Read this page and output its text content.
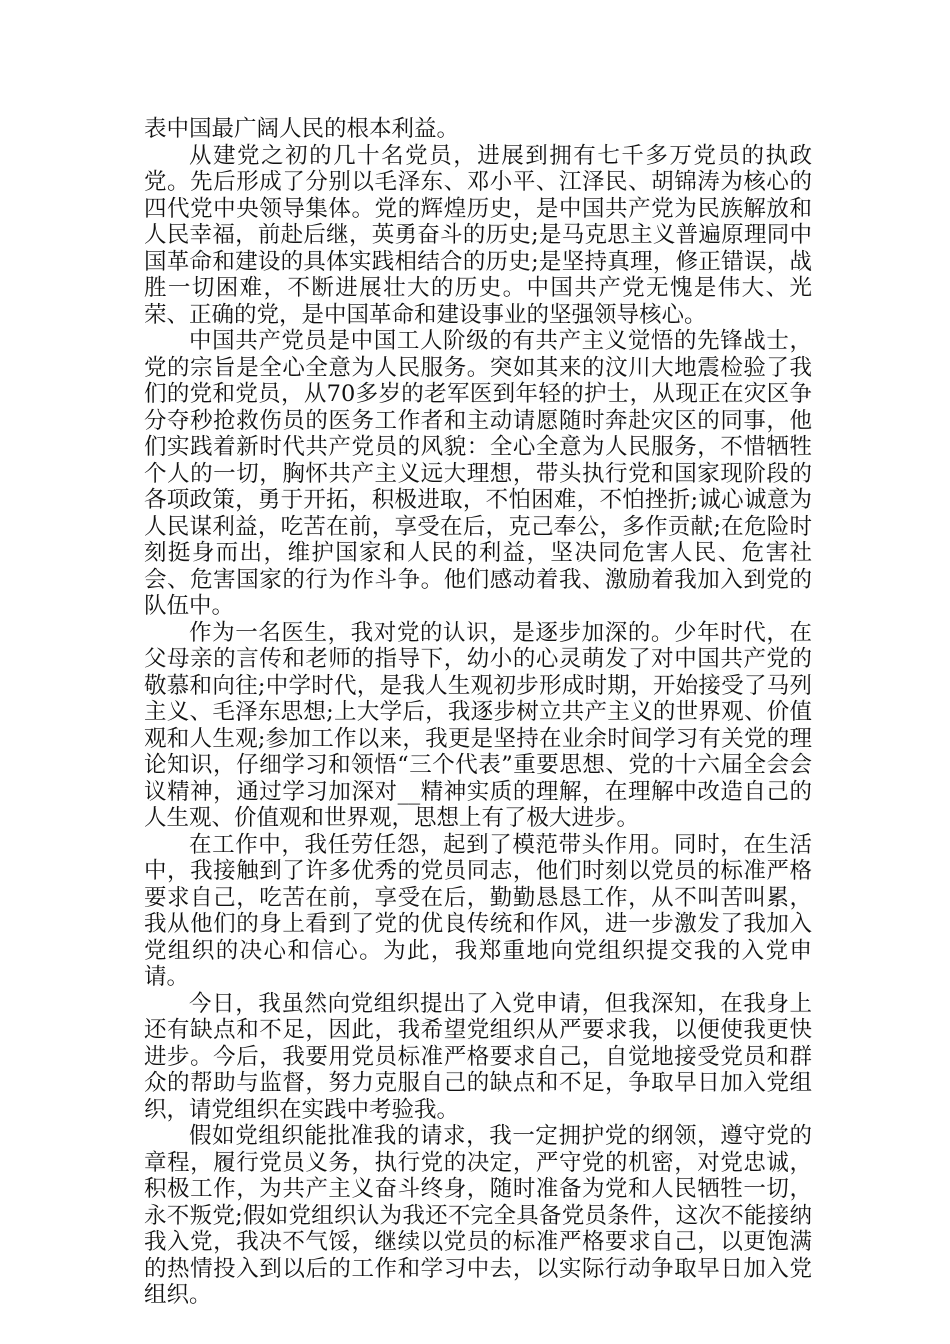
表中国最广阔人民的根本利益。

从建党之初的几十名党员，进展到拥有七千多万党员的执政党。先后形成了分别以毛泽东、邓小平、江泽民、胡锦涛为核心的四代党中央领导集体。党的辉煌历史，是中国共产党为民族解放和人民幸福，前赴后继，英勇奋斗的历史;是马克思主义普遍原理同中国革命和建设的具体实践相结合的历史;是坚持真理，修正错误，战胜一切困难，不断进展壮大的历史。中国共产党无愧是伟大、光荣、正确的党，是中国革命和建设事业的坚强领导核心。

中国共产党员是中国工人阶级的有共产主义觉悟的先锋战士，党的宗旨是全心全意为人民服务。突如其来的汶川大地震检验了我们的党和党员，从70多岁的老军医到年轻的护士，从现正在灾区争分夺秒抢救伤员的医务工作者和主动请愿随时奔赴灾区的同事，他们实践着新时代共产党员的风貌：全心全意为人民服务，不惜牺牲个人的一切，胸怀共产主义远大理想，带头执行党和国家现阶段的各项政策，勇于开拓，积极进取，不怕困难，不怕挫折;诚心诚意为人民谋利益，吃苦在前，享受在后，克己奉公，多作贡献;在危险时刻挺身而出，维护国家和人民的利益，坚决同危害人民、危害社会、危害国家的行为作斗争。他们感动着我、激励着我加入到党的队伍中。

作为一名医生，我对党的认识，是逐步加深的。少年时代，在父母亲的言传和老师的指导下，幼小的心灵萌发了对中国共产党的敬慕和向往;中学时代，是我人生观初步形成时期，开始接受了马列主义、毛泽东思想;上大学后，我逐步树立共产主义的世界观、价值观和人生观;参加工作以来，我更是坚持在业余时间学习有关党的理论知识，仔细学习和领悟“三个代表”重要思想、党的十六届全会会议精神，通过学习加深对__精神实质的理解，在理解中改造自己的人生观、价值观和世界观，思想上有了极大进步。

在工作中，我任劳任怨，起到了模范带头作用。同时，在生活中，我接触到了许多优秀的党员同志，他们时刻以党员的标准严格要求自己，吃苦在前，享受在后，勤勤恳恳工作，从不叫苦叫累，我从他们的身上看到了党的优良传统和作风，进一步激发了我加入党组织的决心和信心。为此，我郑重地向党组织提交我的入党申请。

今日，我虽然向党组织提出了入党申请，但我深知，在我身上还有缺点和不足，因此，我希望党组织从严要求我，以便使我更快进步。今后，我要用党员标准严格要求自己，自觉地接受党员和群众的帮助与监督，努力克服自己的缺点和不足，争取早日加入党组织，请党组织在实践中考验我。

假如党组织能批准我的请求，我一定拥护党的纲领，遵守党的章程，履行党员义务，执行党的决定，严守党的机密，对党忠诚，积极工作，为共产主义奋斗终身，随时准备为党和人民牺牲一切，永不叛党;假如党组织认为我还不完全具备党员条件，这次不能接纳我入党，我决不气馁，继续以党员的标准严格要求自己，以更饱满的热情投入到以后的工作和学习中去，以实际行动争取早日加入党组织。
